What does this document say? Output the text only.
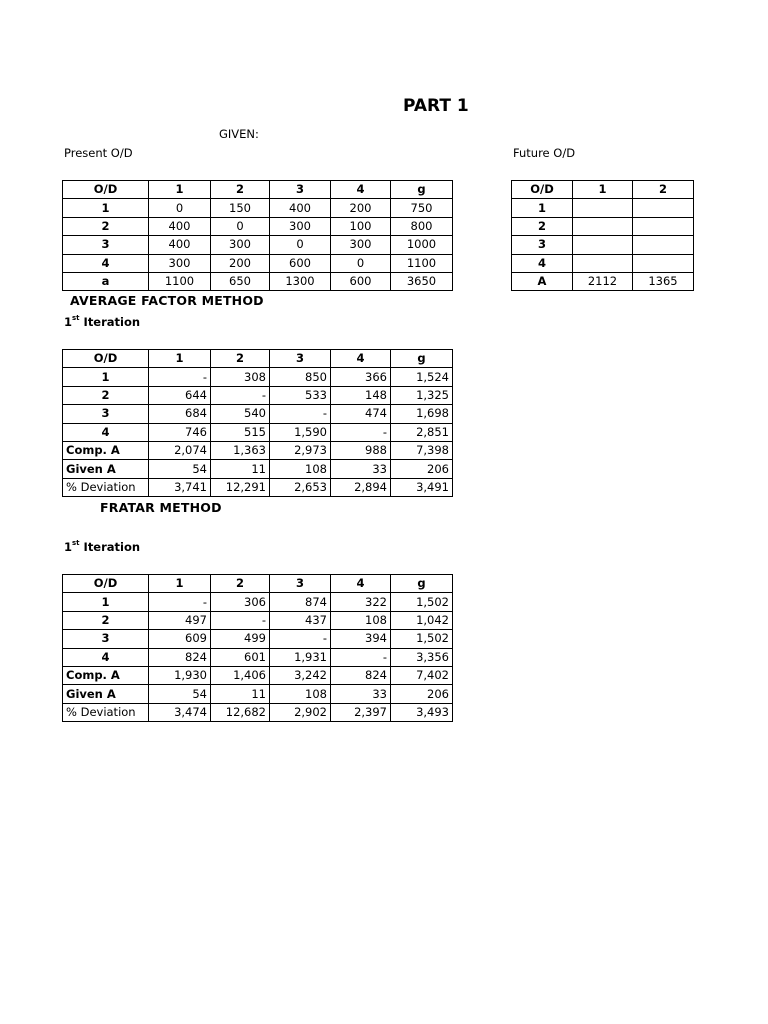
PART 1
GIVEN:
Present O/D	Future O/D
O/D	1	2	3	4	g
1	0	150	400	200	750
2	400	0	300	100	800
3	400	300	0	300	1000
4	300	200	600	0	1100
a	1100	650	1300	600	3650
O/D	1	2
1		
2		
3		
4		
A	2112	1365
AVERAGE FACTOR METHOD
1st Iteration
O/D	1	2	3	4	g
1	-	308	850	366	1,524
2	644	-	533	148	1,325
3	684	540	-	474	1,698
4	746	515	1,590	-	2,851
Comp. A	2,074	1,363	2,973	988	7,398
Given A	54	11	108	33	206
% Deviation	3,741	12,291	2,653	2,894	3,491
FRATAR METHOD
1st Iteration
O/D	1	2	3	4	g
1	-	306	874	322	1,502
2	497	-	437	108	1,042
3	609	499	-	394	1,502
4	824	601	1,931	-	3,356
Comp. A	1,930	1,406	3,242	824	7,402
Given A	54	11	108	33	206
% Deviation	3,474	12,682	2,902	2,397	3,493
